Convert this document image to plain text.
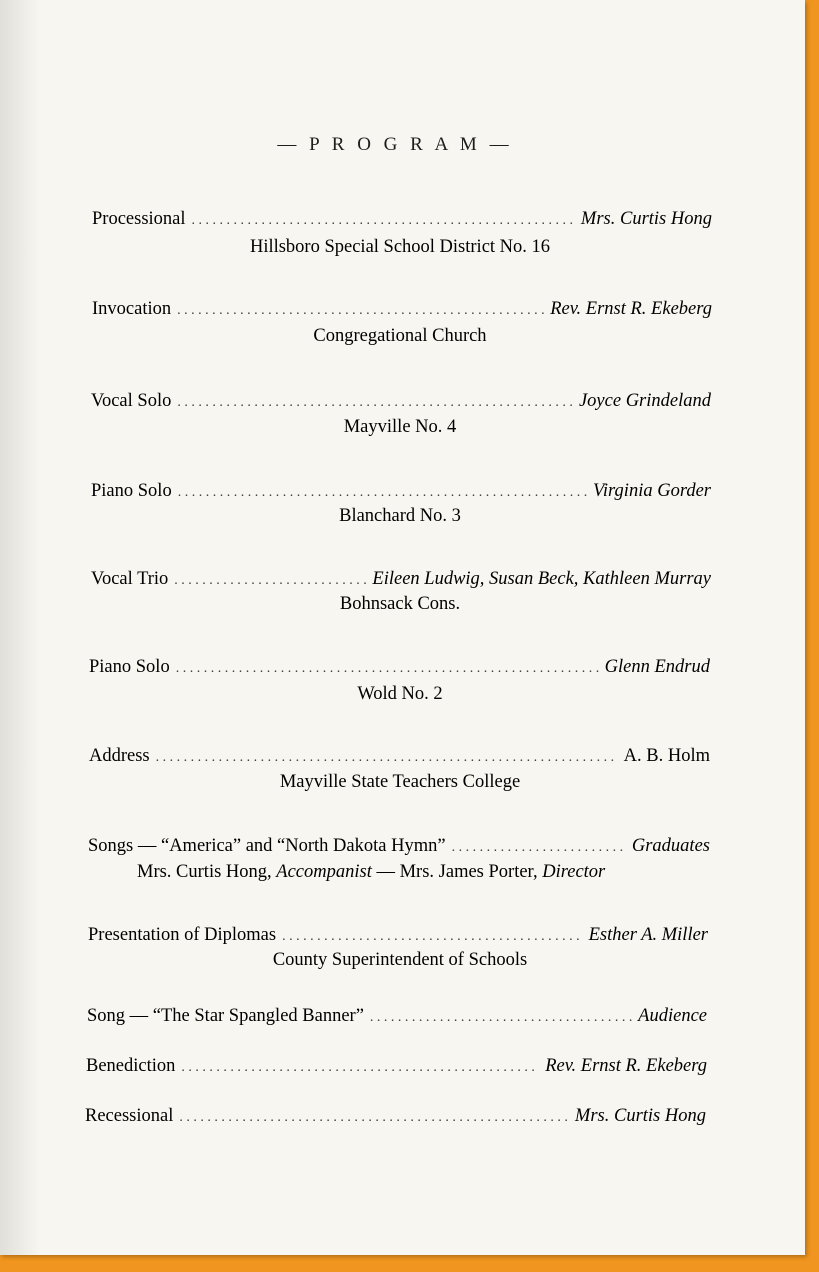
— P R O G R A M —
Processional . . .	Mrs. Curtis Hong
Hillsboro Special School District No. 16
Invocation . . .	Rev. Ernst R. Ekeberg
Congregational Church
Vocal Solo . . .	Joyce Grindeland
Mayville No. 4
Piano Solo . . .	Virginia Gorder
Blanchard No. 3
Vocal Trio . . .	Eileen Ludwig, Susan Beck, Kathleen Murray
Bohnsack Cons.
Piano Solo . . .	Glenn Endrud
Wold No. 2
Address . . .	A. B. Holm
Mayville State Teachers College
Songs — “America” and “North Dakota Hymn” . . .	Graduates
Mrs. Curtis Hong, Accompanist — Mrs. James Porter, Director
Presentation of Diplomas . . .	Esther A. Miller
County Superintendent of Schools
Song — “The Star Spangled Banner” . . .	Audience
Benediction . . .	Rev. Ernst R. Ekeberg
Recessional . . .	Mrs. Curtis Hong
